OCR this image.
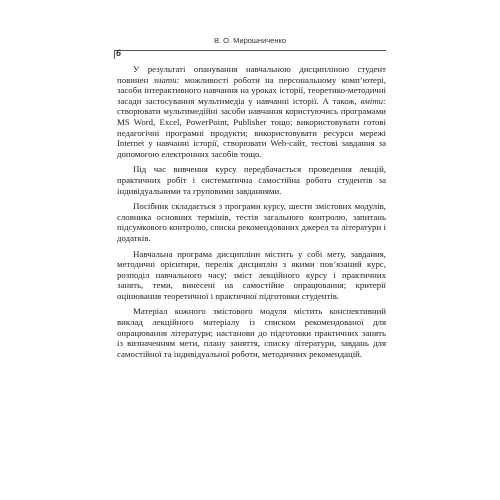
В. О. Мирошниченко
6

У результаті опанування навчальною дисципліною студент повинен знати: можливості роботи на персональному комп’ютері, засоби інтерактивного навчання на уроках історії, теоретико-методичні засади застосування мультимедіа у навчанні історії. А також, вміти: створювати мультимедійні засоби навчання користуючись програмами MS Word, Excel, PowerPoint, Publisher тощо; використовувати готові педагогічні програмні продукти; використовувати ресурси мережі Internet у навчанні історії, створювати Web-сайт, тестові завдання за допомогою електронних засобів тощо.

Під час вивчення курсу передбачається проведення лекцій, практичних робіт і систематична самостійна робота студентів за індивідуальними та груповими завданнями.

Посібник складається з програми курсу, шести змістових модулів, словника основних термінів, тестів загального контролю, запитань підсумкового контролю, списка рекомендованих джерел та літератури і додатків.

Навчальна програма дисципліни містить у собі мету, завдання, методичні орієнтири, перелік дисциплін з якими пов’язаний курс, розподіл навчального часу; зміст лекційного курсу і практичних занять, теми, винесені на самостійне опрацювання; критерії оцінювання теоретичної і практичної підготовки студентів.

Матеріал кожного змістового модуля містить конспективний виклад лекційного матеріалу із списком рекомендованої для опрацювання літератури; настанови до підготовки практичних занять із визначенням мети, плану заняття, списку літератури, завдань для самостійної та індивідуальної роботи, методичних рекомендацій.
